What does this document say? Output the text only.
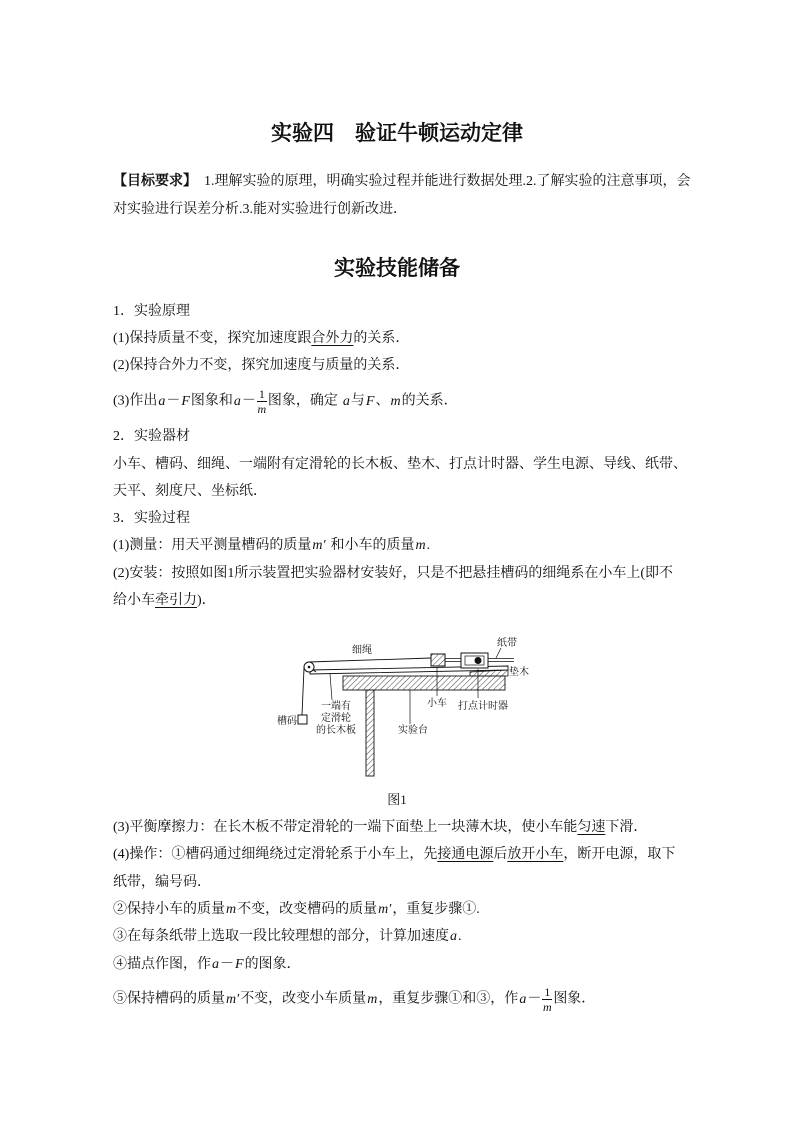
实验四　验证牛顿运动定律
【目标要求】 1.理解实验的原理，明确实验过程并能进行数据处理.2.了解实验的注意事项，会
对实验进行误差分析.3.能对实验进行创新改进．
实验技能储备
1．实验原理
(1)保持质量不变，探究加速度跟合外力的关系．
(2)保持合外力不变，探究加速度与质量的关系．
(3)作出a－F图象和$a- \frac{1}{m}$ 图象，确定 a与F、m的关系．
2．实验器材
小车、槽码、细绳、一端附有定滑轮的长木板、垫木、打点计时器、学生电源、导线、纸带、
天平、刻度尺、坐标纸．
3．实验过程
(1)测量：用天平测量槽码的质量m′ 和小车的质量m.
(2)安装：按照如图1所示装置把实验器材安装好，只是不把悬挂槽码的细绳系在小车上(即不
给小车牵引力)．
细绳
纸带
垫木
小车 打点计时器
槽码
一端有
定滑轮
的长木板	实验台
图1
(3)平衡摩擦力：在长木板不带定滑轮的一端下面垫上一块薄木块，使小车能匀速下滑．
(4)操作：①槽码通过细绳绕过定滑轮系于小车上，先接通电源后放开小车，断开电源，取下
纸带，编号码．
②保持小车的质量m不变，改变槽码的质量m′，重复步骤①.
③在每条纸带上选取一段比较理想的部分，计算加速度a.
④描点作图，作a－F的图象．
⑤保持槽码的质量m′不变，改变小车质量m，重复步骤①和③，作$a- \frac{1}{m}$ 图象．
